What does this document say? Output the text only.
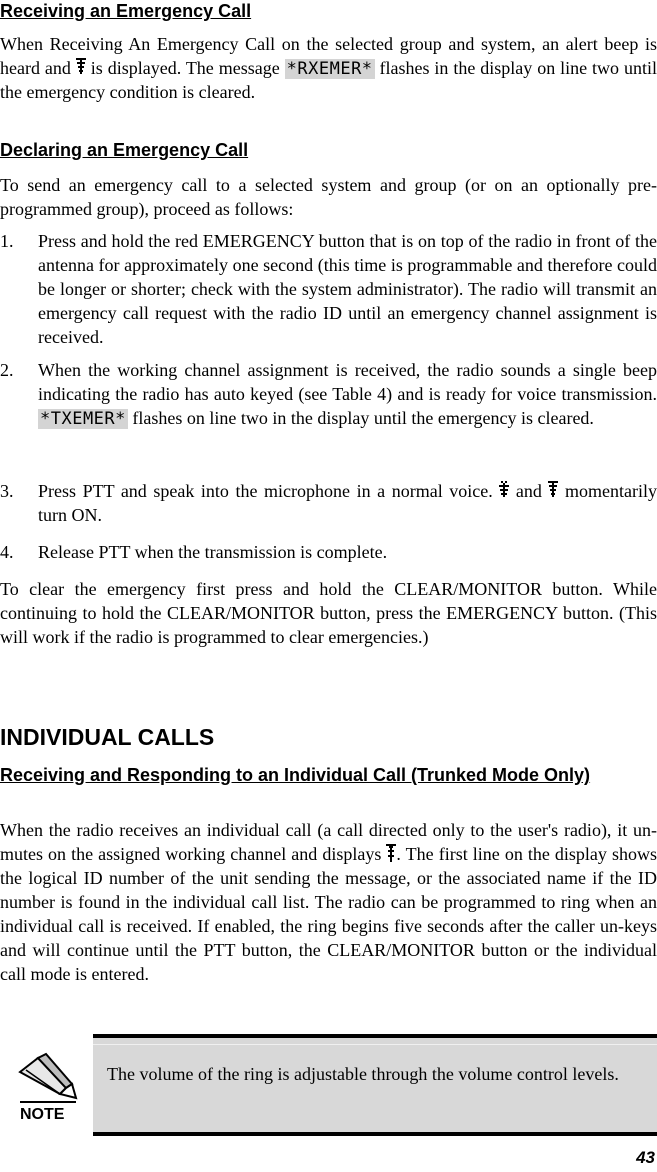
Receiving an Emergency Call
When Receiving An Emergency Call on the selected group and system, an alert beep is heard and  is displayed. The message *RXEMER* flashes in the display on line two until the emergency condition is cleared.
Declaring an Emergency Call
To send an emergency call to a selected system and group (or on an optionally pre-programmed group), proceed as follows:
1.	Press and hold the red EMERGENCY button that is on top of the radio in front of the antenna for approximately one second (this time is programmable and therefore could be longer or shorter; check with the system administrator). The radio will transmit an emergency call request with the radio ID until an emergency channel assignment is received.
2.	When the working channel assignment is received, the radio sounds a single beep indicating the radio has auto keyed (see Table 4) and is ready for voice transmission. *TXEMER* flashes on line two in the display until the emergency is cleared.
3.	Press PTT and speak into the microphone in a normal voice.  and  momentarily turn ON.
4.	Release PTT when the transmission is complete.
To clear the emergency first press and hold the CLEAR/MONITOR button. While continuing to hold the CLEAR/MONITOR button, press the EMERGENCY button. (This will work if the radio is programmed to clear emergencies.)
INDIVIDUAL CALLS
Receiving and Responding to an Individual Call (Trunked Mode Only)
When the radio receives an individual call (a call directed only to the user's radio), it un-mutes on the assigned working channel and displays . The first line on the display shows the logical ID number of the unit sending the message, or the associated name if the ID number is found in the individual call list. The radio can be programmed to ring when an individual call is received. If enabled, the ring begins five seconds after the caller un-keys and will continue until the PTT button, the CLEAR/MONITOR button or the individual call mode is entered.
NOTE
The volume of the ring is adjustable through the volume control levels.
43
